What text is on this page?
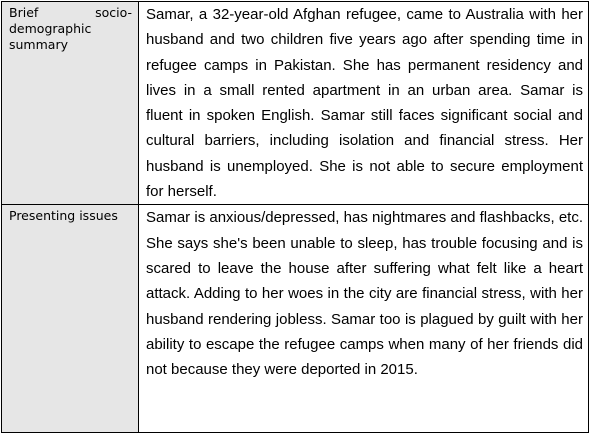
Brief socio-demographic summary	Samar, a 32-year-old Afghan refugee, came to Australia with her husband and two children five years ago after spending time in refugee camps in Pakistan. She has permanent residency and lives in a small rented apartment in an urban area. Samar is fluent in spoken English. Samar still faces significant social and cultural barriers, including isolation and financial stress. Her husband is unemployed. She is not able to secure employment for herself.

Presenting issues	Samar is anxious/depressed, has nightmares and flashbacks, etc. She says she's been unable to sleep, has trouble focusing and is scared to leave the house after suffering what felt like a heart attack. Adding to her woes in the city are financial stress, with her husband rendering jobless. Samar too is plagued by guilt with her ability to escape the refugee camps when many of her friends did not because they were deported in 2015.
